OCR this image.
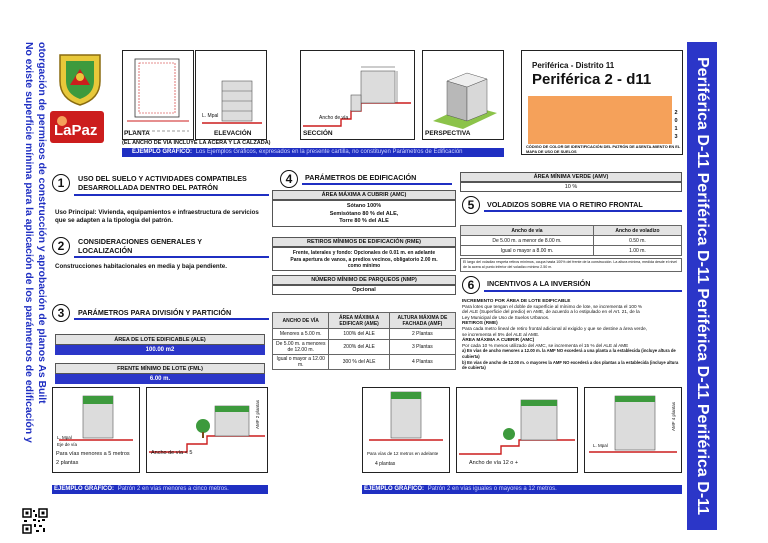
No existe superficie mínima para la aplicación de los parámetros de edificación y otorgación de permisos de construcción y aprobación de planos As Built	Periférica D-11 Periférica D-11 Periférica D-11 Periférica D-11
LaPaz	PLANTA
L. Mpal
ELEVACIÓN
Ancho de vía
SECCIÓN	PERSPECTIVA
(EL ANCHO DE VIA INCLUYE LA ACERA Y LA CALZADA)
EJEMPLO GRÁFICO: Los Ejemplos Gráficos, expresados en la presente cartilla, no constituyen Parámetros de Edificación
Periférica - Distrito 11
Periférica 2 - d11
2
0
1
3
CÓDIGO DE COLOR DE IDENTIFICACIÓN DEL PATRÓN DE ASENTA-MIENTO EN EL MAPA DE USO DE SUELOS
1	USO DEL SUELO Y ACTIVIDADES COMPATIBLES DESARROLLADA DENTRO DEL PATRÓN
Uso Principal: Vivienda, equipamientos e infraestructura de servicios que se adapten a la tipología del patrón.
2	CONSIDERACIONES GENERALES Y LOCALIZACIÓN
Construcciones habitacionales en media y baja pendiente.
3	PARÁMETROS PARA DIVISIÓN Y PARTICIÓN
ÁREA DE LOTE EDIFICABLE (ALE)
100.00 m2
FRENTE MÍNIMO DE LOTE (FML)
6.00 m.
4	PARÁMETROS DE EDIFICACIÓN
ÁREA MÁXIMA A CUBRIR (AMC)
Sótano 100%
Semisótano 80 % del ALE,
Torre 80 % del ALE
RETIROS MÍNIMOS DE EDIFICACIÓN (RME)
Frente, laterales y fondo: Opcionales de 0.01 m. en adelante
Para apertura de vanos, a predios vecinos, obligatorio 2.00 m.
como mínimo
NÚMERO MÍNIMO DE PARQUEOS (NMP)
Opcional
ANCHO DE VÍA	ÁREA MÁXIMA A EDIFICAR (AME)	ALTURA MÁXIMA DE FACHADA (AMF)
Menores a 5.00 m.	100% del ALE	2 Plantas
De 5.00 m. a menores de 12.00 m.	200% del ALE	3 Plantas
Igual o mayor a 12.00 m.	300 % del ALE	4 Plantas
ÁREA MÍNIMA VERDE (AMV)
10 %
5	VOLADIZOS SOBRE VIA O RETIRO FRONTAL
Ancho de vía	Ancho de voladizo
De 5.00 m. a menor de 8.00 m.	0.50 m.
Igual o mayor a 8.00 m.	1.00 m.
El largo del voladizo respeta retiros mínimos, ocupa hasta 100% del frente de la construcción. La altura mínima, medida desde el nivel de la acera al punto inferior del voladizo mínimo 2.50 m.
6	INCENTIVOS A LA INVERSIÓN
INCREMENTO POR ÁREA DE LOTE EDIFICABLE
Para lotes que tengan el doble de superficie al mínimo de lote, se incrementa el 100 %
del ALE (Superficie del predio) en AME, de acuerdo a lo estipulado en el Art. 21, de la
Ley Municipal de Uso de Suelos Urbanos.
RETIROS (RME)
Para cada metro lineal de retiro frontal adicional al exigido y que se destine a área verde,
se incrementa el 5% del ALE al AME.
ÁREA MÁXIMA A CUBRIR (AMC)
Por cada 10 % menos utilizado del AMC, se incrementa el 15 % del ALE al AME
a) En vías de ancho menores a 12.00 m. la AMF NO excederá a una planta a la establecida (incluye altura de cubierta)
b) En vías de ancho de 12.00 m. o mayores la AMF NO excederá a dos plantas a la establecida (incluye altura de cubierta)
L. Mpal
Eje de vía
Para vías menores a 5 metros
2 plantas
Ancho de vía < 5
AMF 2 plantas
Para vías de 12 metros en adelante
4 plantas	Ancho de vía 12 o +
L. Mpal
AMF 4 plantas
EJEMPLO GRÁFICO: Patrón 2 en vías menores a cinco metros.	EJEMPLO GRÁFICO: Patrón 2 en vías iguales o mayores a 12 metros.
